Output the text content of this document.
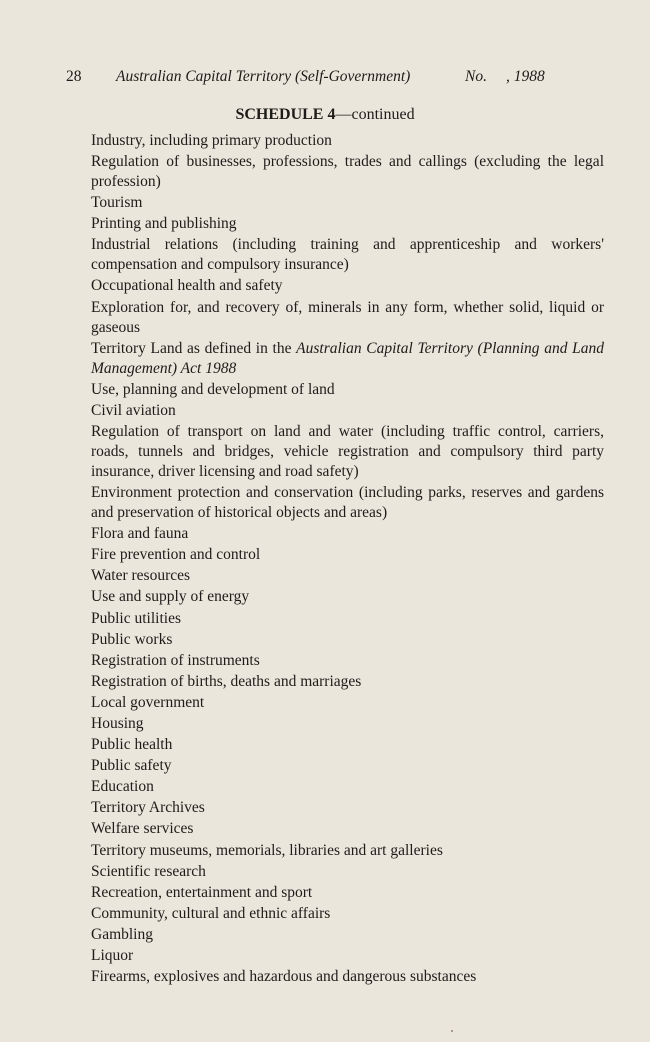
28 Australian Capital Territory (Self-Government)	No. , 1988
SCHEDULE 4—continued
Industry, including primary production
Regulation of businesses, professions, trades and callings (excluding the legal profession)
Tourism
Printing and publishing
Industrial relations (including training and apprenticeship and workers' compensation and compulsory insurance)
Occupational health and safety
Exploration for, and recovery of, minerals in any form, whether solid, liquid or gaseous
Territory Land as defined in the Australian Capital Territory (Planning and Land Management) Act 1988
Use, planning and development of land
Civil aviation
Regulation of transport on land and water (including traffic control, carriers, roads, tunnels and bridges, vehicle registration and compulsory third party insurance, driver licensing and road safety)
Environment protection and conservation (including parks, reserves and gardens and preservation of historical objects and areas)
Flora and fauna
Fire prevention and control
Water resources
Use and supply of energy
Public utilities
Public works
Registration of instruments
Registration of births, deaths and marriages
Local government
Housing
Public health
Public safety
Education
Territory Archives
Welfare services
Territory museums, memorials, libraries and art galleries
Scientific research
Recreation, entertainment and sport
Community, cultural and ethnic affairs
Gambling
Liquor
Firearms, explosives and hazardous and dangerous substances
